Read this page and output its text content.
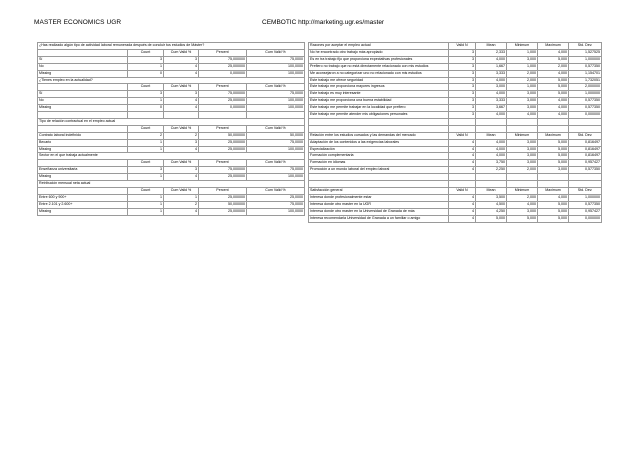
MASTER ECONOMICS UGR	CEMBOTIC http://marketing.ugr.es/master
¿Has realizado algún tipo de actividad laboral remunerada después de concluir tus estudios de Máster?				
	Count	Cum Valid %	Percent	Cum Valid %
Sí	3	3	75,000000	75,0000
No	1	4	25,000000	100,0000
Missing	0	4	0,000000	100,0000
¿Tienes empleo en la actualidad?				
	Count	Cum Valid %	Percent	Cum Valid %
Sí	3	3	75,000000	75,0000
No	1	4	25,000000	100,0000
Missing	0	4	0,000000	100,0000

Tipo de relación contractual en el empleo actual				
	Count	Cum Valid %	Percent	Cum Valid %
Contrato laboral indefinido	2	2	50,000000	50,0000
Becario	1	3	25,000000	75,0000
Missing	1	4	25,000000	100,0000
Sector en el que trabaja actualmente				
	Count	Cum Valid %	Percent	Cum Valid %
Enseñanza universitaria	3	3	75,000000	75,0000
Missing	1	4	25,000000	100,0000
Retribución mensual neta actual				
	Count	Cum Valid %	Percent	Cum Valid %
Entre 600 y 900+	1	1	25,000000	25,0000
Entre 2.101 y 2.600+	1	2	50,000000	75,0000
Missing	1	4	25,000000	100,0000
Razones por aceptar el empleo actual	Valid N	Mean	Minimum	Maximum	Std. Dev.
No he encontrado otro trabajo más apropiado	3	2,333	1,000	4,000	1,527525
Es en tra trabajo fijo que proporciona expectativas profesionales	3	4,000	3,000	5,000	1,000000
Prefiero no trabajo que no está directamente relacionado con mis estudios	3	1,667	1,000	2,000	0,577350
Me aconsejaron a no categorizar uno no relacionado con mis estudios	3	3,333	2,000	4,000	1,154701
Este trabajo me ofrece seguridad	3	4,000	2,000	5,000	1,732051
Este trabajo me proporciona mayores ingresos	3	3,000	1,000	5,000	2,000000
Este trabajo es muy interesante	3	4,000	3,000	5,000	1,000000
Este trabajo me proporciona una buena estabilidad	3	3,333	3,000	4,000	0,577350
Este trabajo me permite trabajar en la localidad que prefiero	3	3,667	3,000	4,000	0,577350
Este trabajo me permite atender mis obligaciones personales	3	4,000	4,000	4,000	0,000000

Relación entre los estudios cursados y las demandas del mercado	Valid N	Mean	Minimum	Maximum	Std. Dev.
Adaptación de los contenidos a las exigencias laborales	4	4,000	3,000	5,000	0,816497
Especialización	4	4,000	3,000	5,000	0,816497
Formación complementaria	4	4,000	3,000	5,000	0,816497
Formación en idiomas	4	3,750	3,000	5,000	0,957427
Promoción a un mundo laboral del empleo laboral	4	2,250	2,000	3,000	0,577350

Satisfacción general	Valid N	Mean	Minimum	Maximum	Std. Dev.
Interesa donde profesionalmente estar	4	3,500	2,000	4,000	1,000000
Interesa donde otro master en la UGR	4	4,500	4,000	5,000	0,577350
Interesa donde otro master en la Universidad de Granada de más	4	4,250	3,000	5,000	0,957427
Interesa recomendarla Universidad de Granada a un familiar o amigo	4	5,000	5,000	5,000	0,000000
